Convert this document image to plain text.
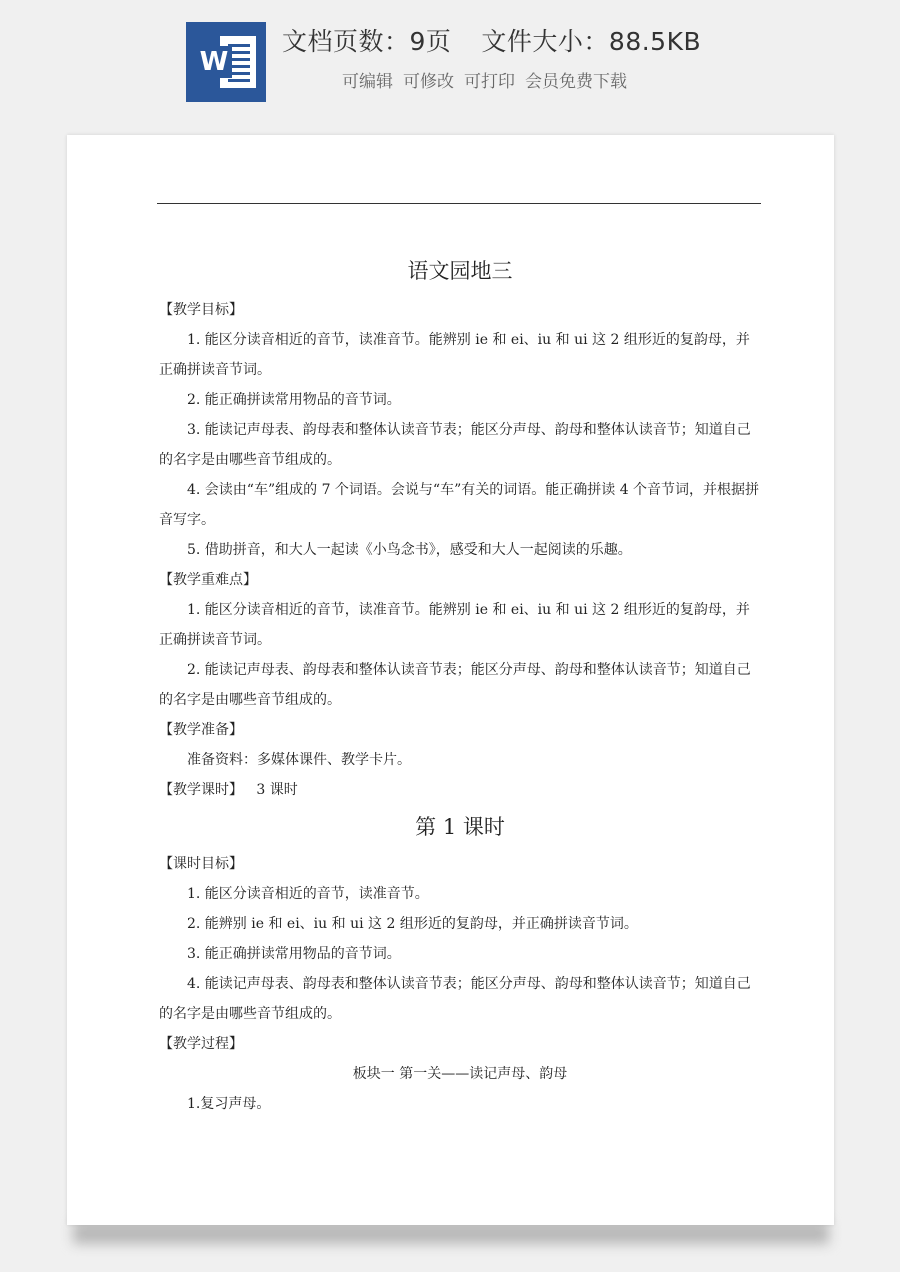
W
文档页数：9页 文件大小：88.5KB
可编辑 可修改 可打印 会员免费下载

语文园地三

【教学目标】

1. 能区分读音相近的音节，读准音节。能辨别 ie 和 ei、iu 和 ui 这 2 组形近的复韵母，并正确拼读音节词。

2. 能正确拼读常用物品的音节词。

3. 能读记声母表、韵母表和整体认读音节表；能区分声母、韵母和整体认读音节；知道自己的名字是由哪些音节组成的。

4. 会读由“车”组成的 7 个词语。会说与“车”有关的词语。能正确拼读 4 个音节词，并根据拼音写字。

5. 借助拼音，和大人一起读《小鸟念书》，感受和大人一起阅读的乐趣。

【教学重难点】

1. 能区分读音相近的音节，读准音节。能辨别 ie 和 ei、iu 和 ui 这 2 组形近的复韵母，并正确拼读音节词。

2. 能读记声母表、韵母表和整体认读音节表；能区分声母、韵母和整体认读音节；知道自己的名字是由哪些音节组成的。

【教学准备】

准备资料：多媒体课件、教学卡片。

【教学课时】 3 课时

第 1 课时

【课时目标】

1. 能区分读音相近的音节，读准音节。

2. 能辨别 ie 和 ei、iu 和 ui 这 2 组形近的复韵母，并正确拼读音节词。

3. 能正确拼读常用物品的音节词。

4. 能读记声母表、韵母表和整体认读音节表；能区分声母、韵母和整体认读音节；知道自己的名字是由哪些音节组成的。

【教学过程】

板块一 第一关——读记声母、韵母

1.复习声母。
